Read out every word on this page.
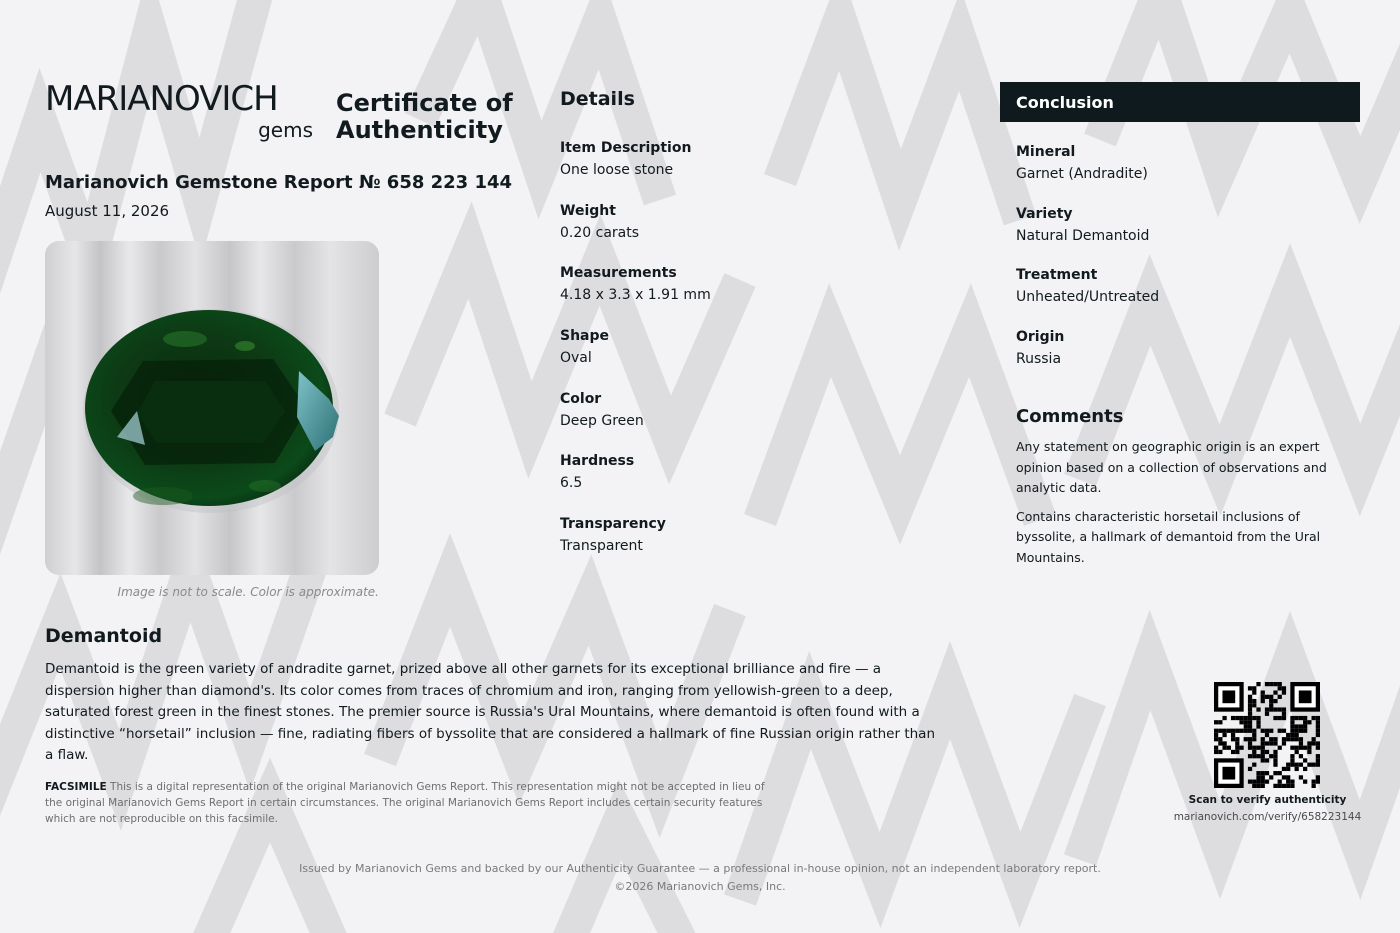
MARIANOVICH
gems
Certificate of
Authenticity
Marianovich Gemstone Report № 658 223 144
August 11, 2026
Image is not to scale. Color is approximate.
Details
Item Description
One loose stone
Weight
0.20 carats
Measurements
4.18 x 3.3 x 1.91 mm
Shape
Oval
Color
Deep Green
Hardness
6.5
Transparency
Transparent
Conclusion
Mineral
Garnet (Andradite)
Variety
Natural Demantoid
Treatment
Unheated/Untreated
Origin
Russia
Comments

Any statement on geographic origin is an expert opinion based on a collection of observations and analytic data.

Contains characteristic horsetail inclusions of byssolite, a hallmark of demantoid from the Ural Mountains.

Demantoid
Demantoid is the green variety of andradite garnet, prized above all other garnets for its exceptional brilliance and fire — a dispersion higher than diamond's. Its color comes from traces of chromium and iron, ranging from yellowish-green to a deep, saturated forest green in the finest stones. The premier source is Russia's Ural Mountains, where demantoid is often found with a distinctive “horsetail” inclusion — fine, radiating fibers of byssolite that are considered a hallmark of fine Russian origin rather than a flaw.
FACSIMILE This is a digital representation of the original Marianovich Gems Report. This representation might not be accepted in lieu of the original Marianovich Gems Report in certain circumstances. The original Marianovich Gems Report includes certain security features which are not reproducible on this facsimile.
Scan to verify authenticity
marianovich.com/verify/658223144
Issued by Marianovich Gems and backed by our Authenticity Guarantee — a professional in-house opinion, not an independent laboratory report.
©2026 Marianovich Gems, Inc.
